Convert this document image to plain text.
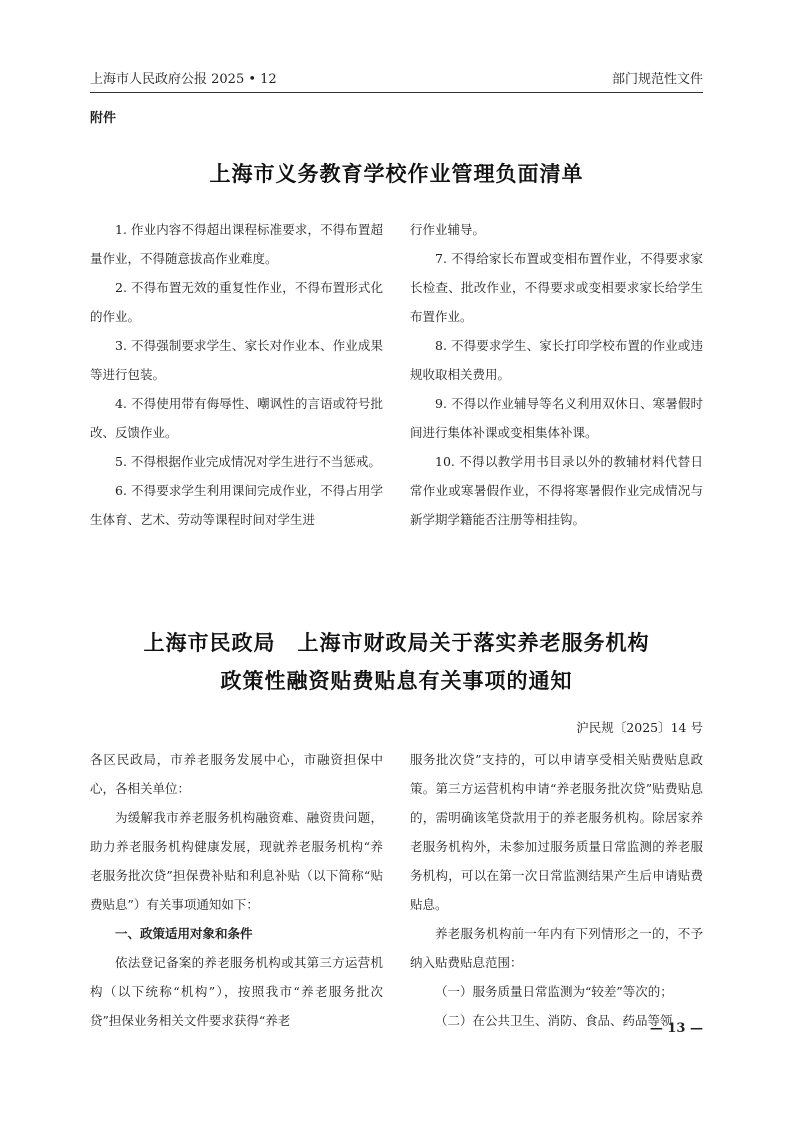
上海市人民政府公报 2025 • 12	部门规范性文件
附件
上海市义务教育学校作业管理负面清单

1. 作业内容不得超出课程标准要求，不得布置超量作业，不得随意拔高作业难度。

2. 不得布置无效的重复性作业，不得布置形式化的作业。

3. 不得强制要求学生、家长对作业本、作业成果等进行包装。

4. 不得使用带有侮辱性、嘲讽性的言语或符号批改、反馈作业。

5. 不得根据作业完成情况对学生进行不当惩戒。

6. 不得要求学生利用课间完成作业，不得占用学生体育、艺术、劳动等课程时间对学生进

行作业辅导。

7. 不得给家长布置或变相布置作业，不得要求家长检查、批改作业，不得要求或变相要求家长给学生布置作业。

8. 不得要求学生、家长打印学校布置的作业或违规收取相关费用。

9. 不得以作业辅导等名义利用双休日、寒暑假时间进行集体补课或变相集体补课。

10. 不得以教学用书目录以外的教辅材料代替日常作业或寒暑假作业，不得将寒暑假作业完成情况与新学期学籍能否注册等相挂钩。

上海市民政局　上海市财政局关于落实养老服务机构
政策性融资贴费贴息有关事项的通知
沪民规〔2025〕14 号

各区民政局，市养老服务发展中心，市融资担保中心，各相关单位：

为缓解我市养老服务机构融资难、融资贵问题，助力养老服务机构健康发展，现就养老服务机构“养老服务批次贷”担保费补贴和利息补贴（以下简称“贴费贴息”）有关事项通知如下：

一、政策适用对象和条件

依法登记备案的养老服务机构或其第三方运营机构（以下统称“机构”），按照我市“养老服务批次贷”担保业务相关文件要求获得“养老

服务批次贷”支持的，可以申请享受相关贴费贴息政策。第三方运营机构申请“养老服务批次贷”贴费贴息的，需明确该笔贷款用于的养老服务机构。除居家养老服务机构外，未参加过服务质量日常监测的养老服务机构，可以在第一次日常监测结果产生后申请贴费贴息。

养老服务机构前一年内有下列情形之一的，不予纳入贴费贴息范围：

（一）服务质量日常监测为“较差”等次的；

（二）在公共卫生、消防、食品、药品等领

— 13 —
